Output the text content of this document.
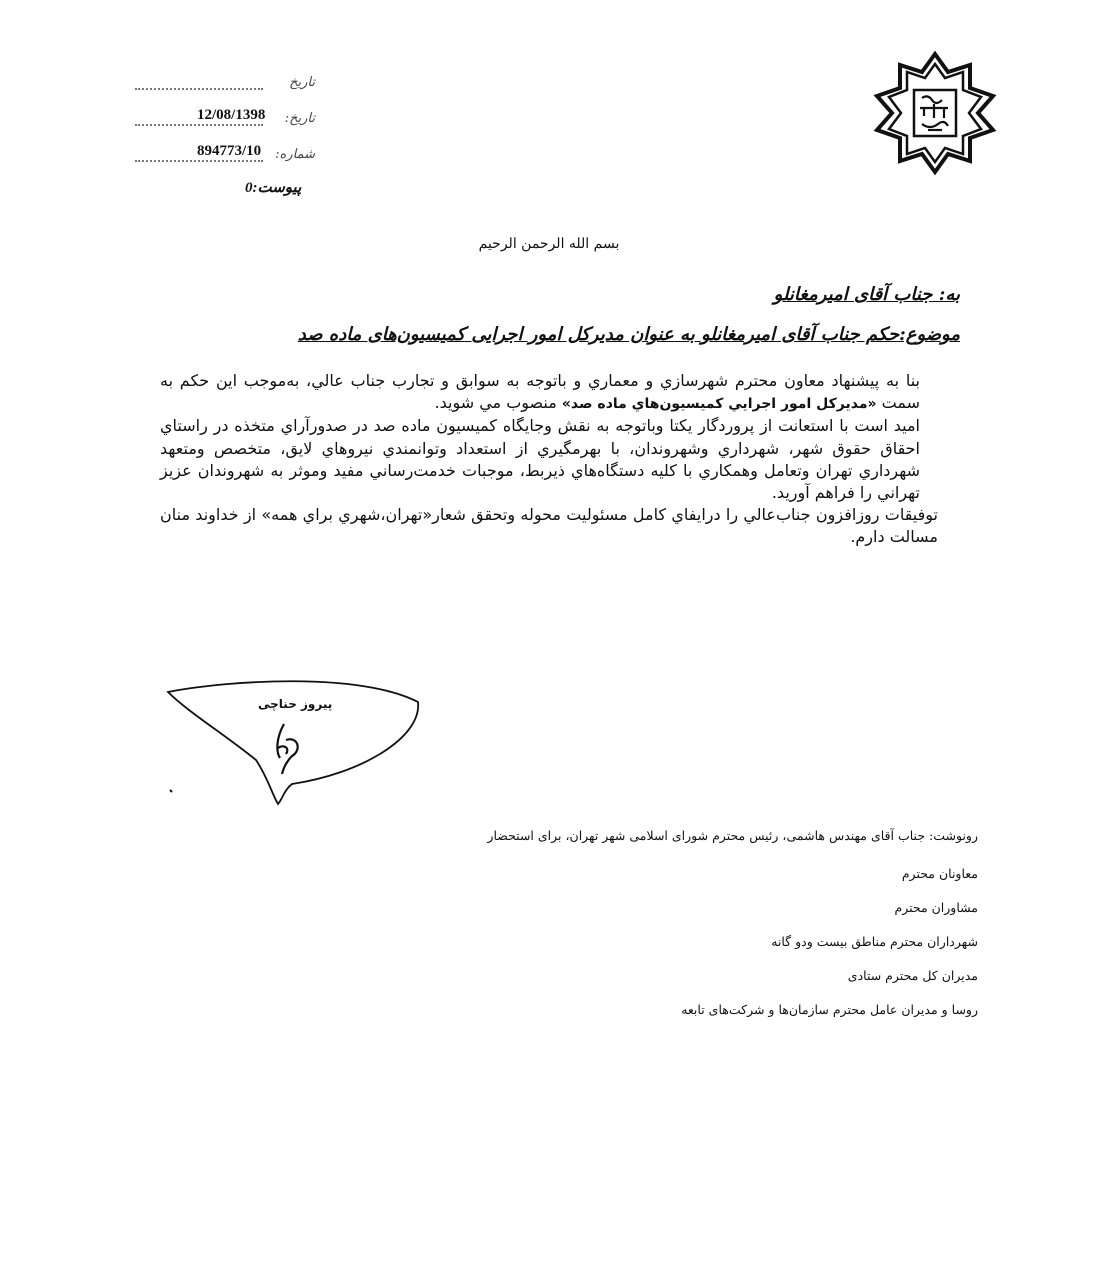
تاریخ
تاریخ:
12/08/1398
شماره:
894773/10
پیوست:0
بسم الله الرحمن الرحیم
به: جناب آقای امیرمغانلو
موضوع:حکم جناب آقای امیرمغانلو به عنوان مدیرکل امور اجرایی کمیسیون‌های ماده صد

بنا به پیشنهاد معاون محترم شهرسازي و معماري و باتوجه به سوابق و تجارب جناب عالي، به‌موجب این حکم به سمت «مدیرکل امور اجرایي کمیسیون‌هاي ماده صد» منصوب مي شوید.

امید است با استعانت از پروردگار یکتا وباتوجه به نقش وجایگاه کمیسیون ماده صد در صدورآراي متخذه در راستاي احقاق حقوق شهر، شهرداري وشهروندان، با بهرمگیري از استعداد وتوانمندي نیروهاي لایق، متخصص ومتعهد شهرداري تهران وتعامل وهمکاري با کلیه دستگاه‌هاي ذیربط، موجبات خدمت‌رساني مفید وموثر به شهروندان عزیز تهراني را فراهم آورید.

توفیقات روزافزون جناب‌عالي را درایفاي کامل مسئولیت محوله وتحقق شعار«تهران،شهري براي همه» از خداوند منان مسالت دارم.

پیروز حناچی
رونوشت: جناب آقای مهندس هاشمی، رئیس محترم شورای اسلامی شهر تهران، برای استحضار
معاونان محترم
مشاوران محترم
شهرداران محترم مناطق بیست ودو گانه
مدیران کل محترم ستادی
روسا و مدیران عامل محترم سازمان‌ها و شرکت‌های تابعه
